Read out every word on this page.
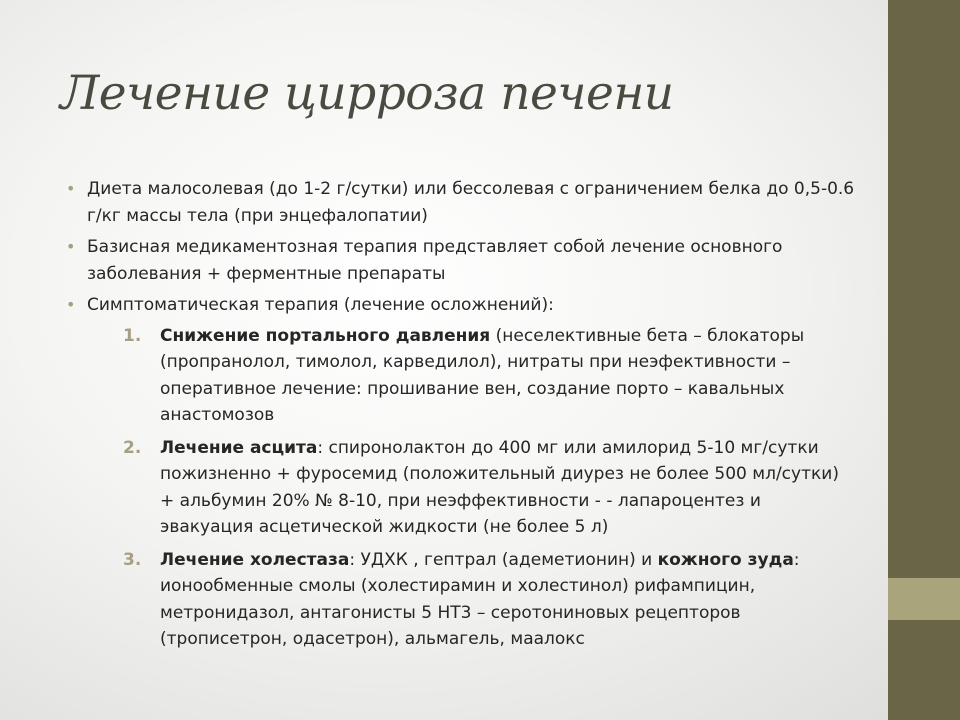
Лечение цирроза печени
• Диета малосолевая (до 1-2 г/сутки) или бессолевая с ограничением белка до 0,5-0.6 г/кг массы тела (при энцефалопатии)
• Базисная медикаментозная терапия представляет собой лечение основного заболевания + ферментные препараты
• Симптоматическая терапия (лечение осложнений):
1. Снижение портального давления (неселективные бета – блокаторы (пропранолол, тимолол, карведилол), нитраты при неэфективности – оперативное лечение: прошивание вен, создание порто – кавальных анастомозов
2. Лечение асцита: спиронолактон до 400 мг или амилорид 5-10 мг/сутки пожизненно + фуросемид (положительный диурез не более 500 мл/сутки) + альбумин 20% № 8-10, при неэффективности - - лапароцентез и эвакуация асцетической жидкости (не более 5 л)
3. Лечение холестаза: УДХК , гептрал (адеметионин) и кожного зуда: ионообменные смолы (холестирамин и холестинол) рифампицин, метронидазол, антагонисты 5 НТ3 – серотониновых рецепторов (трописетрон, одасетрон), альмагель, маалокс
